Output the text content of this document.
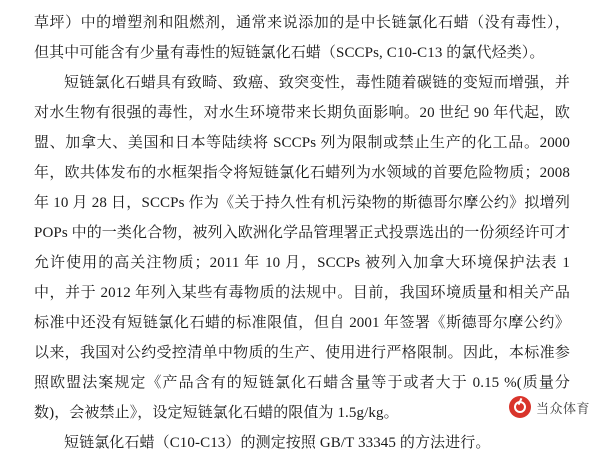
草坪）中的增塑剂和阻燃剂，通常来说添加的是中长链氯化石蜡（没有毒性），但其中可能含有少量有毒性的短链氯化石蜡（SCCPs, C10-C13 的氯代烃类）。

短链氯化石蜡具有致畸、致癌、致突变性，毒性随着碳链的变短而增强，并对水生物有很强的毒性，对水生环境带来长期负面影响。20 世纪 90 年代起，欧盟、加拿大、美国和日本等陆续将 SCCPs 列为限制或禁止生产的化工品。2000 年，欧共体发布的水框架指令将短链氯化石蜡列为水领域的首要危险物质；2008 年 10 月 28 日，SCCPs 作为《关于持久性有机污染物的斯德哥尔摩公约》拟增列 POPs 中的一类化合物，被列入欧洲化学品管理署正式投票选出的一份须经许可才允许使用的高关注物质；2011 年 10 月，SCCPs 被列入加拿大环境保护法表 1 中，并于 2012 年列入某些有毒物质的法规中。目前，我国环境质量和相关产品标准中还没有短链氯化石蜡的标准限值，但自 2001 年签署《斯德哥尔摩公约》以来，我国对公约受控清单中物质的生产、使用进行严格限制。因此，本标准参照欧盟法案规定《产品含有的短链氯化石蜡含量等于或者大于 0.15 %(质量分数)，会被禁止》，设定短链氯化石蜡的限值为 1.5g/kg。

短链氯化石蜡（C10-C13）的测定按照 GB/T 33345 的方法进行。

当众体育
